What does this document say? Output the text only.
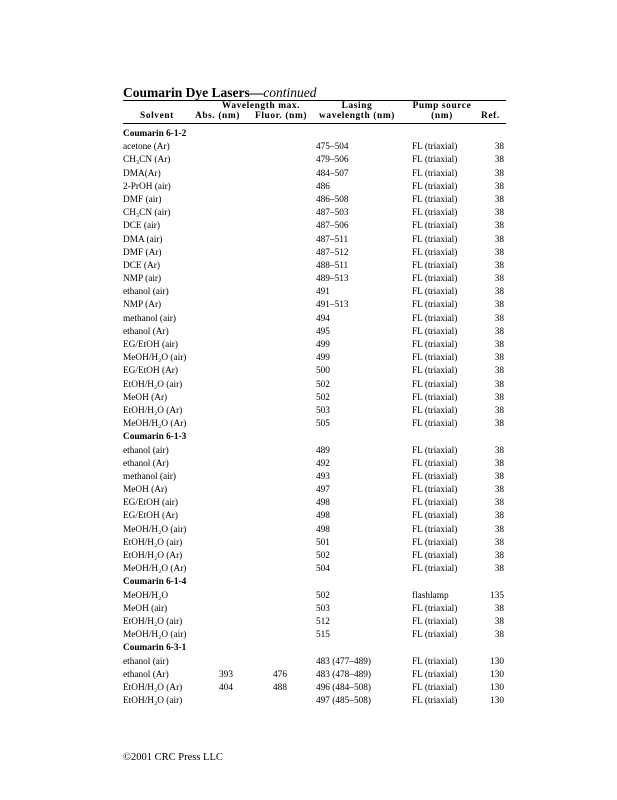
Coumarin Dye Lasers—continued
Wavelength max.	Lasing	Pump source
Solvent Abs. (nm) Fluor. (nm)	wavelength (nm)	(nm)	Ref.
Coumarin 6-1-2
acetone (Ar)	475–504	FL (triaxial)	38
CH₃CN (Ar)	479–506	FL (triaxial)	38
DMA(Ar)	484–507	FL (triaxial)	38
2-PrOH (air)	486	FL (triaxial)	38
DMF (air)	486–508	FL (triaxial)	38
CH₃CN (air)	487–503	FL (triaxial)	38
DCE (air)	487–506	FL (triaxial)	38
DMA (air)	487–511	FL (triaxial)	38
DMF (Ar)	487–512	FL (triaxial)	38
DCE (Ar)	488–511	FL (triaxial)	38
NMP (air)	489–513	FL (triaxial)	38
ethanol (air)	491	FL (triaxial)	38
NMP (Ar)	491–513	FL (triaxial)	38
methanol (air)	494	FL (triaxial)	38
ethanol (Ar)	495	FL (triaxial)	38
EG/EtOH (air)	499	FL (triaxial)	38
MeOH/H₂O (air)	499	FL (triaxial)	38
EG/EtOH (Ar)	500	FL (triaxial)	38
EtOH/H₂O (air)	502	FL (triaxial)	38
MeOH (Ar)	502	FL (triaxial)	38
EtOH/H₂O (Ar)	503	FL (triaxial)	38
MeOH/H₂O (Ar)	505	FL (triaxial)	38
Coumarin 6-1-3
ethanol (air)	489	FL (triaxial)	38
ethanol (Ar)	492	FL (triaxial)	38
methanol (air)	493	FL (triaxial)	38
MeOH (Ar)	497	FL (triaxial)	38
EG/EtOH (air)	498	FL (triaxial)	38
EG/EtOH (Ar)	498	FL (triaxial)	38
MeOH/H₂O (air)	498	FL (triaxial)	38
EtOH/H₂O (air)	501	FL (triaxial)	38
EtOH/H₂O (Ar)	502	FL (triaxial)	38
MeOH/H₂O (Ar)	504	FL (triaxial)	38
Coumarin 6-1-4
MeOH/H₂O	502	flashlamp	135
MeOH (air)	503	FL (triaxial)	38
EtOH/H₂O (air)	512	FL (triaxial)	38
MeOH/H₂O (air)	515	FL (triaxial)	38
Coumarin 6-3-1
ethanol (air)	483 (477–489)	FL (triaxial)	130
ethanol (Ar)	393	476	483 (478–489)	FL (triaxial)	130
EtOH/H₂O (Ar)	404	488	496 (484–508)	FL (triaxial)	130
EtOH/H₂O (air)	497 (485–508)	FL (triaxial)	130
©2001 CRC Press LLC
